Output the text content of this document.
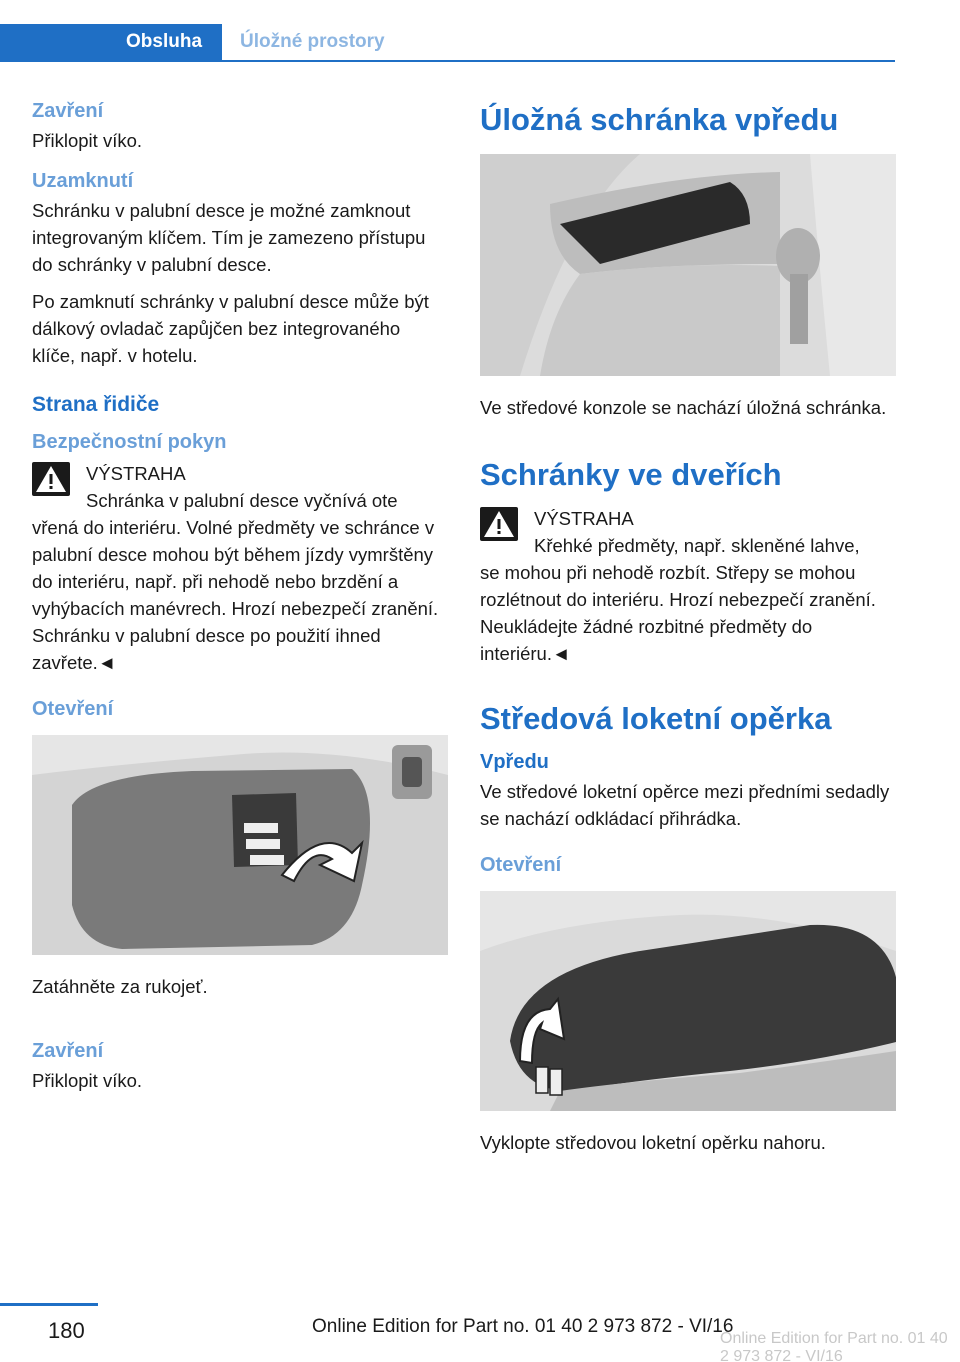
Obsluha	Úložné prostory
Zavření

Přiklopit víko.

Uzamknutí

Schránku v palubní desce je možné zamknout integrovaným klíčem. Tím je zamezeno přístupu do schránky v palubní desce.

Po zamknutí schránky v palubní desce může být dálkový ovladač zapůjčen bez integrovaného klíče, např. v hotelu.

Strana řidiče
Bezpečnostní pokyn
VÝSTRAHA
Schránka v palubní desce vyčnívá ote
vřená do interiéru. Volné předměty ve schránce v palubní desce mohou být během jízdy vymrštěny do interiéru, např. při nehodě nebo brzdění a vyhýbacích manévrech. Hrozí nebezpečí zranění. Schránku v palubní desce po použití ihned zavřete.◄
Otevření

Zatáhněte za rukojeť.

Zavření

Přiklopit víko.

Úložná schránka vpředu

Ve středové konzole se nachází úložná schránka.

Schránky ve dveřích
VÝSTRAHA
Křehké předměty, např. skleněné lahve,
se mohou při nehodě rozbít. Střepy se mohou rozlétnout do interiéru. Hrozí nebezpečí zranění. Neukládejte žádné rozbitné předměty do interiéru.◄
Středová loketní opěrka
Vpředu

Ve středové loketní opěrce mezi předními sedadly se nachází odkládací přihrádka.

Otevření

Vyklopte středovou loketní opěrku nahoru.

180	Online Edition for Part no. 01 40 2 973 872 - VI/16
Online Edition for Part no. 01 40 2 973 872 - VI/16
